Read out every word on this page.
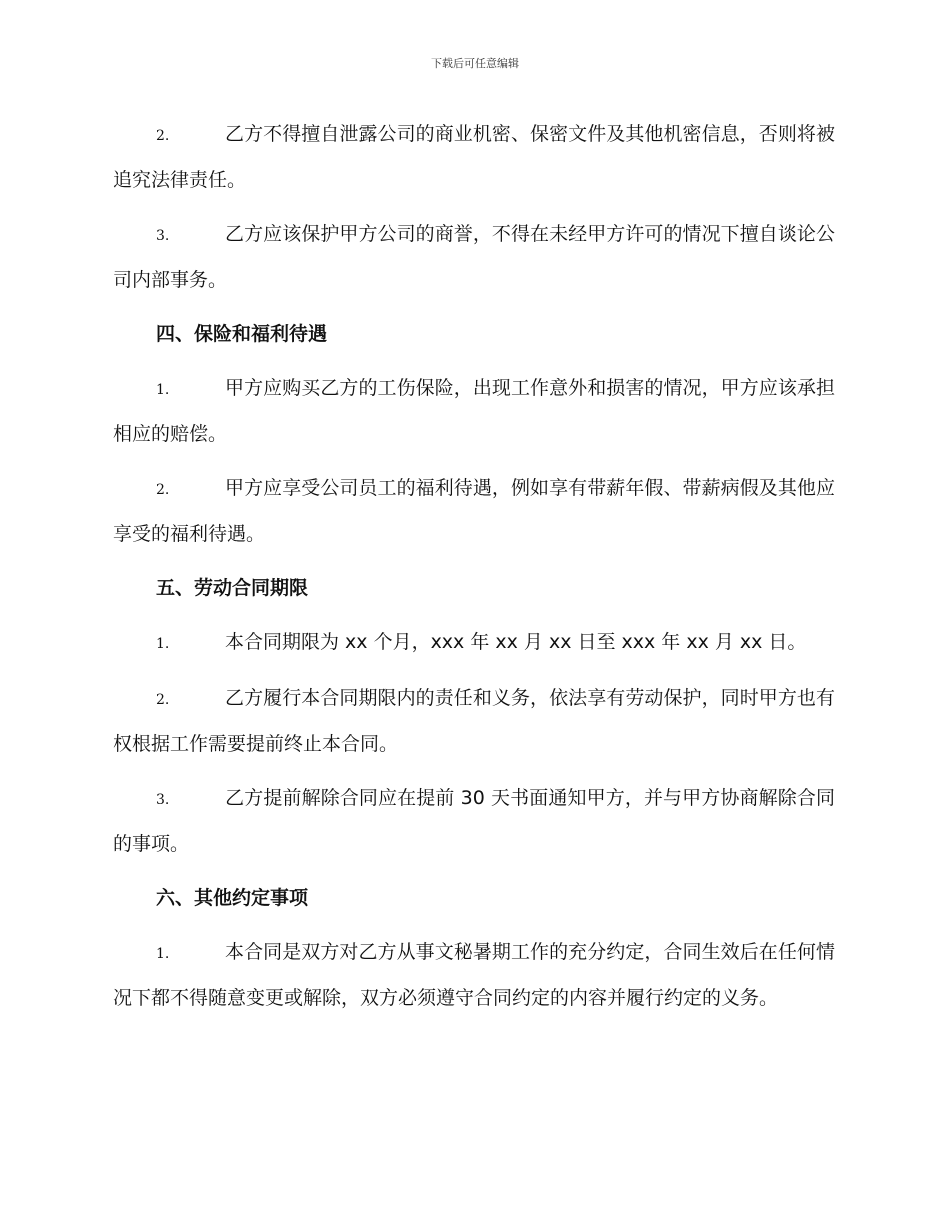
下载后可任意编辑

2.	乙方不得擅自泄露公司的商业机密、保密文件及其他机密信息，否则将被追究法律责任。

3.	乙方应该保护甲方公司的商誉，不得在未经甲方许可的情况下擅自谈论公司内部事务。

四、保险和福利待遇

1.	甲方应购买乙方的工伤保险，出现工作意外和损害的情况，甲方应该承担相应的赔偿。

2.	甲方应享受公司员工的福利待遇，例如享有带薪年假、带薪病假及其他应享受的福利待遇。

五、劳动合同期限

1.	本合同期限为 xx 个月，xxx 年 xx 月 xx 日至 xxx 年 xx 月 xx 日。

2.	乙方履行本合同期限内的责任和义务，依法享有劳动保护，同时甲方也有权根据工作需要提前终止本合同。

3.	乙方提前解除合同应在提前 30 天书面通知甲方，并与甲方协商解除合同的事项。

六、其他约定事项

1.	本合同是双方对乙方从事文秘暑期工作的充分约定，合同生效后在任何情况下都不得随意变更或解除，双方必须遵守合同约定的内容并履行约定的义务。
